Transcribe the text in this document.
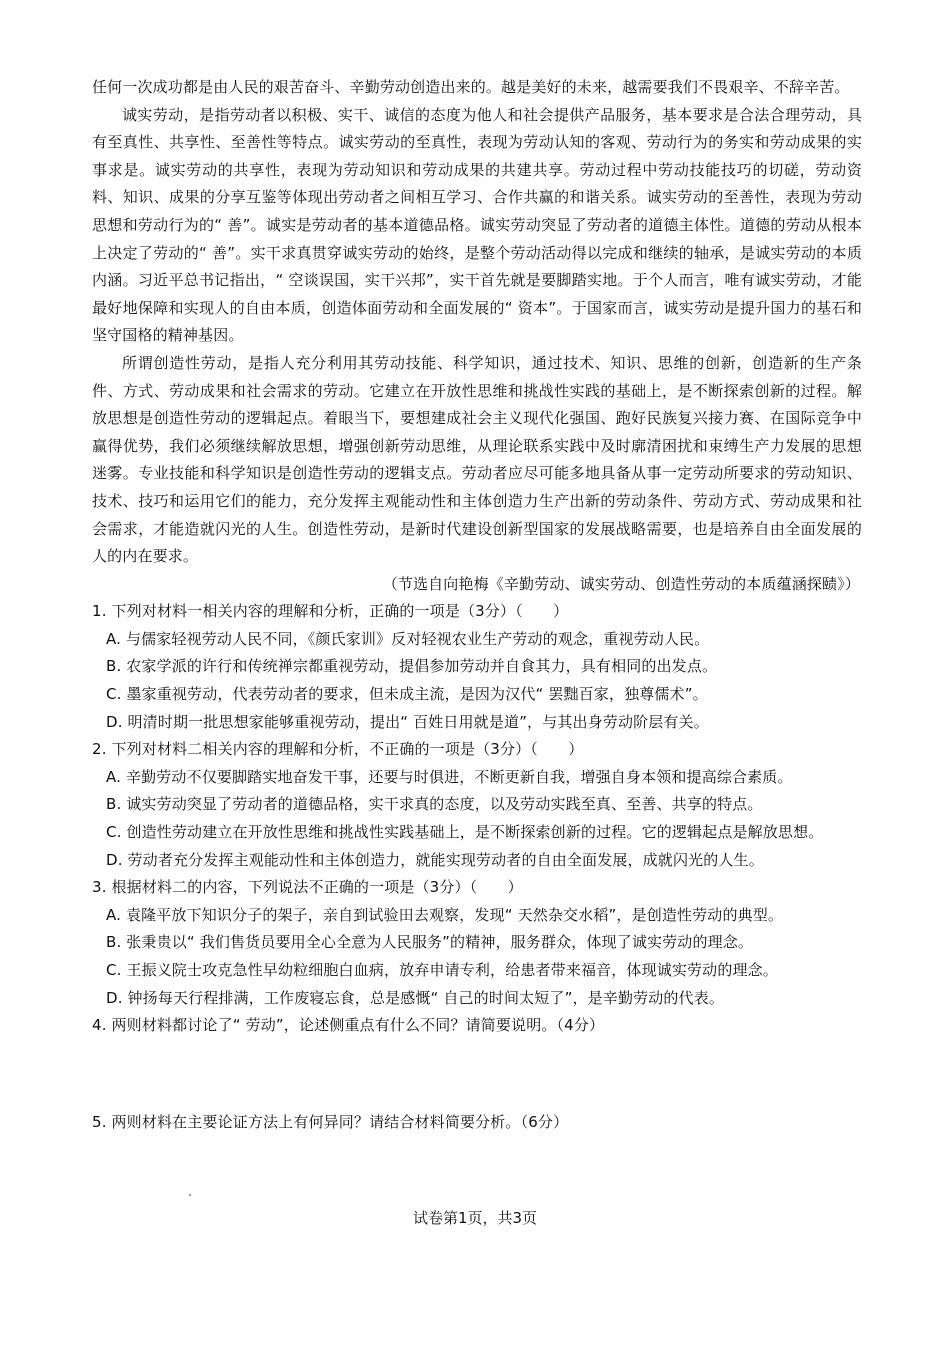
任何一次成功都是由人民的艰苦奋斗、辛勤劳动创造出来的。越是美好的未来，越需要我们不畏艰辛、不辞辛苦。

诚实劳动，是指劳动者以积极、实干、诚信的态度为他人和社会提供产品服务，基本要求是合法合理劳动，具有至真性、共享性、至善性等特点。诚实劳动的至真性，表现为劳动认知的客观、劳动行为的务实和劳动成果的实事求是。诚实劳动的共享性，表现为劳动知识和劳动成果的共建共享。劳动过程中劳动技能技巧的切磋，劳动资料、知识、成果的分享互鉴等体现出劳动者之间相互学习、合作共赢的和谐关系。诚实劳动的至善性，表现为劳动思想和劳动行为的“ 善”。诚实是劳动者的基本道德品格。诚实劳动突显了劳动者的道德主体性。道德的劳动从根本上决定了劳动的“ 善”。实干求真贯穿诚实劳动的始终，是整个劳动活动得以完成和继续的轴承，是诚实劳动的本质内涵。习近平总书记指出，“ 空谈误国，实干兴邦”，实干首先就是要脚踏实地。于个人而言，唯有诚实劳动，才能最好地保障和实现人的自由本质，创造体面劳动和全面发展的“ 资本”。于国家而言，诚实劳动是提升国力的基石和坚守国格的精神基因。

所谓创造性劳动，是指人充分利用其劳动技能、科学知识，通过技术、知识、思维的创新，创造新的生产条件、方式、劳动成果和社会需求的劳动。它建立在开放性思维和挑战性实践的基础上，是不断探索创新的过程。解放思想是创造性劳动的逻辑起点。着眼当下，要想建成社会主义现代化强国、跑好民族复兴接力赛、在国际竞争中赢得优势，我们必须继续解放思想，增强创新劳动思维，从理论联系实践中及时廓清困扰和束缚生产力发展的思想迷雾。专业技能和科学知识是创造性劳动的逻辑支点。劳动者应尽可能多地具备从事一定劳动所要求的劳动知识、技术、技巧和运用它们的能力，充分发挥主观能动性和主体创造力生产出新的劳动条件、劳动方式、劳动成果和社会需求，才能造就闪光的人生。创造性劳动，是新时代建设创新型国家的发展战略需要，也是培养自由全面发展的人的内在要求。

（节选自向艳梅《辛勤劳动、诚实劳动、创造性劳动的本质蕴涵探赜》）

1. 下列对材料一相关内容的理解和分析，正确的一项是（3分）（　　）

A. 与儒家轻视劳动人民不同，《颜氏家训》反对轻视农业生产劳动的观念，重视劳动人民。

B. 农家学派的许行和传统禅宗都重视劳动，提倡参加劳动并自食其力，具有相同的出发点。

C. 墨家重视劳动，代表劳动者的要求，但未成主流，是因为汉代“ 罢黜百家，独尊儒术”。

D. 明清时期一批思想家能够重视劳动，提出“ 百姓日用就是道”，与其出身劳动阶层有关。

2. 下列对材料二相关内容的理解和分析，不正确的一项是（3分）（　　）

A. 辛勤劳动不仅要脚踏实地奋发干事，还要与时俱进，不断更新自我，增强自身本领和提高综合素质。

B. 诚实劳动突显了劳动者的道德品格，实干求真的态度，以及劳动实践至真、至善、共享的特点。

C. 创造性劳动建立在开放性思维和挑战性实践基础上，是不断探索创新的过程。它的逻辑起点是解放思想。

D. 劳动者充分发挥主观能动性和主体创造力，就能实现劳动者的自由全面发展，成就闪光的人生。

3. 根据材料二的内容，下列说法不正确的一项是（3分）（　　）

A. 袁隆平放下知识分子的架子，亲自到试验田去观察，发现“ 天然杂交水稻”，是创造性劳动的典型。

B. 张秉贵以“ 我们售货员要用全心全意为人民服务”的精神，服务群众，体现了诚实劳动的理念。

C. 王振义院士攻克急性早幼粒细胞白血病，放弃申请专利，给患者带来福音，体现诚实劳动的理念。

D. 钟扬每天行程排满，工作废寝忘食，总是感慨“ 自己的时间太短了”，是辛勤劳动的代表。

4. 两则材料都讨论了“ 劳动”，论述侧重点有什么不同？请简要说明。（4分）

5. 两则材料在主要论证方法上有何异同？请结合材料简要分析。（6分）

试卷第1页，共3页
